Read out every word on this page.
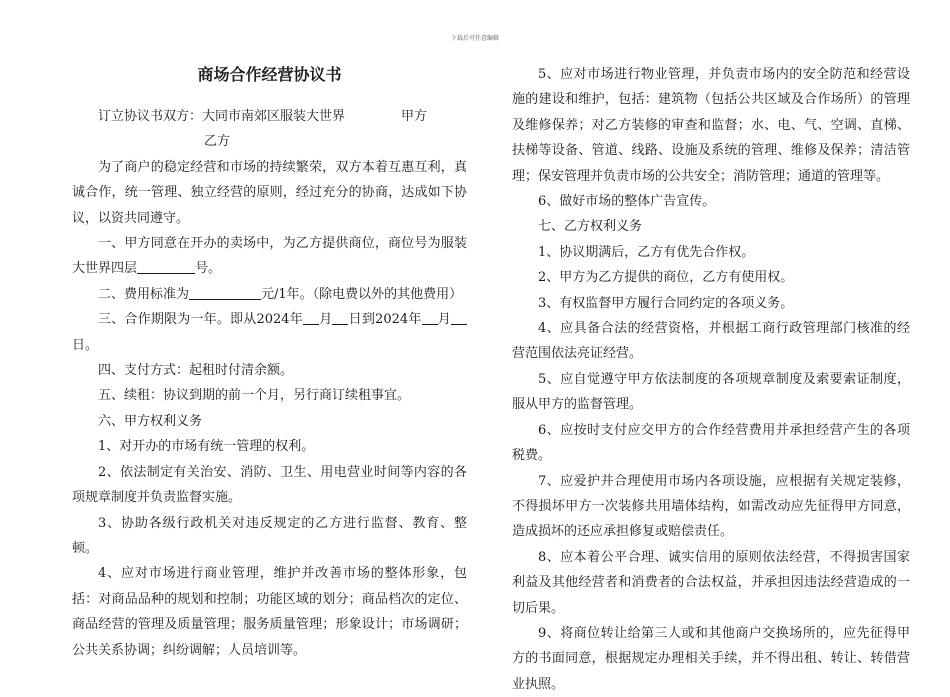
下载后可任意编辑

商场合作经营协议书

订立协议书双方：大同市南郊区服装大世界	甲方

乙方

为了商户的稳定经营和市场的持续繁荣，双方本着互惠互利，真诚合作，统一管理、独立经营的原则，经过充分的协商，达成如下协议，以资共同遵守。

一、甲方同意在开办的卖场中，为乙方提供商位，商位号为服装大世界四层	号。

二、费用标准为	元/1年。（除电费以外的其他费用）

三、合作期限为一年。即从2024年 月 日到2024年 月日。

四、支付方式：起租时付清余额。

五、续租：协议到期的前一个月，另行商订续租事宜。

六、甲方权利义务

1、对开办的市场有统一管理的权利。

2、依法制定有关治安、消防、卫生、用电营业时间等内容的各项规章制度并负责监督实施。

3、协助各级行政机关对违反规定的乙方进行监督、教育、整顿。

4、应对市场进行商业管理，维护并改善市场的整体形象，包括：对商品品种的规划和控制；功能区域的划分；商品档次的定位、商品经营的管理及质量管理；服务质量管理；形象设计；市场调研；公共关系协调；纠纷调解；人员培训等。

5、应对市场进行物业管理，并负责市场内的安全防范和经营设施的建设和维护，包括：建筑物（包括公共区域及合作场所）的管理及维修保养；对乙方装修的审查和监督；水、电、气、空调、直梯、扶梯等设备、管道、线路、设施及系统的管理、维修及保养；清洁管理；保安管理并负责市场的公共安全；消防管理；通道的管理等。

6、做好市场的整体广告宣传。

七、乙方权利义务

1、协议期满后，乙方有优先合作权。

2、甲方为乙方提供的商位，乙方有使用权。

3、有权监督甲方履行合同约定的各项义务。

4、应具备合法的经营资格，并根据工商行政管理部门核准的经营范围依法亮证经营。

5、应自觉遵守甲方依法制度的各项规章制度及索要索证制度，服从甲方的监督管理。

6、应按时支付应交甲方的合作经营费用并承担经营产生的各项税费。

7、应爱护并合理使用市场内各项设施，应根据有关规定装修，不得损坏甲方一次装修共用墙体结构，如需改动应先征得甲方同意，造成损坏的还应承担修复或赔偿责任。

8、应本着公平合理、诚实信用的原则依法经营，不得损害国家利益及其他经营者和消费者的合法权益，并承担因违法经营造成的一切后果。

9、将商位转让给第三人或和其他商户交换场所的，应先征得甲方的书面同意，根据规定办理相关手续，并不得出租、转让、转借营业执照。
